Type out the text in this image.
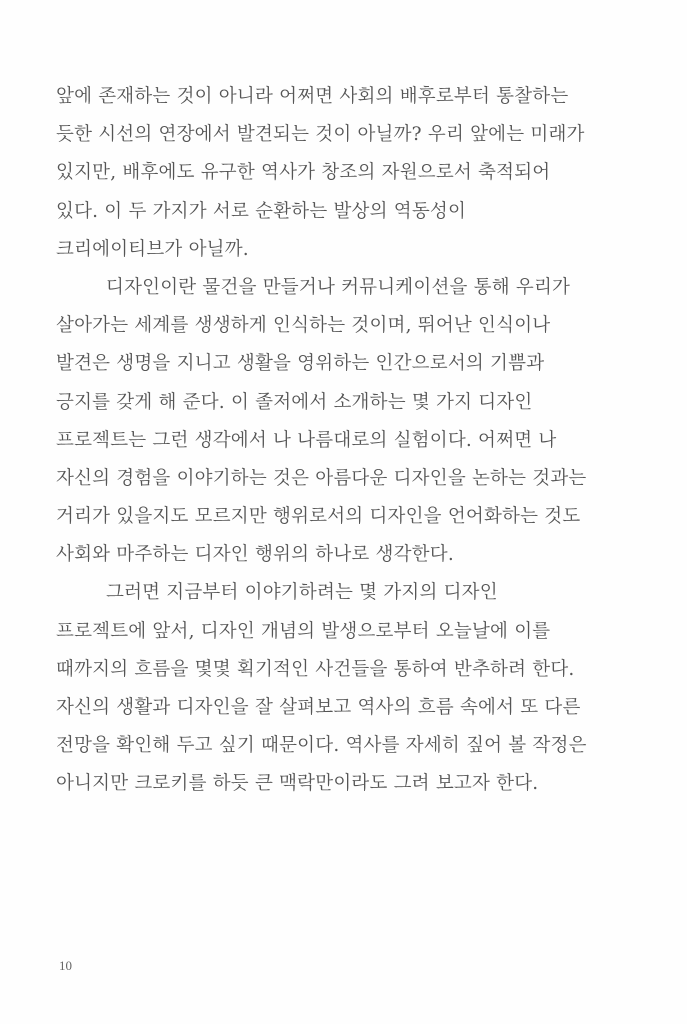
앞에 존재하는 것이 아니라 어쩌면 사회의 배후로부터 통찰하는
듯한 시선의 연장에서 발견되는 것이 아닐까? 우리 앞에는 미래가
있지만, 배후에도 유구한 역사가 창조의 자원으로서 축적되어
있다. 이 두 가지가 서로 순환하는 발상의 역동성이
크리에이티브가 아닐까.
디자인이란 물건을 만들거나 커뮤니케이션을 통해 우리가
살아가는 세계를 생생하게 인식하는 것이며, 뛰어난 인식이나
발견은 생명을 지니고 생활을 영위하는 인간으로서의 기쁨과
긍지를 갖게 해 준다. 이 졸저에서 소개하는 몇 가지 디자인
프로젝트는 그런 생각에서 나 나름대로의 실험이다. 어쩌면 나
자신의 경험을 이야기하는 것은 아름다운 디자인을 논하는 것과는
거리가 있을지도 모르지만 행위로서의 디자인을 언어화하는 것도
사회와 마주하는 디자인 행위의 하나로 생각한다.
그러면 지금부터 이야기하려는 몇 가지의 디자인
프로젝트에 앞서, 디자인 개념의 발생으로부터 오늘날에 이를
때까지의 흐름을 몇몇 획기적인 사건들을 통하여 반추하려 한다.
자신의 생활과 디자인을 잘 살펴보고 역사의 흐름 속에서 또 다른
전망을 확인해 두고 싶기 때문이다. 역사를 자세히 짚어 볼 작정은
아니지만 크로키를 하듯 큰 맥락만이라도 그려 보고자 한다.
10
